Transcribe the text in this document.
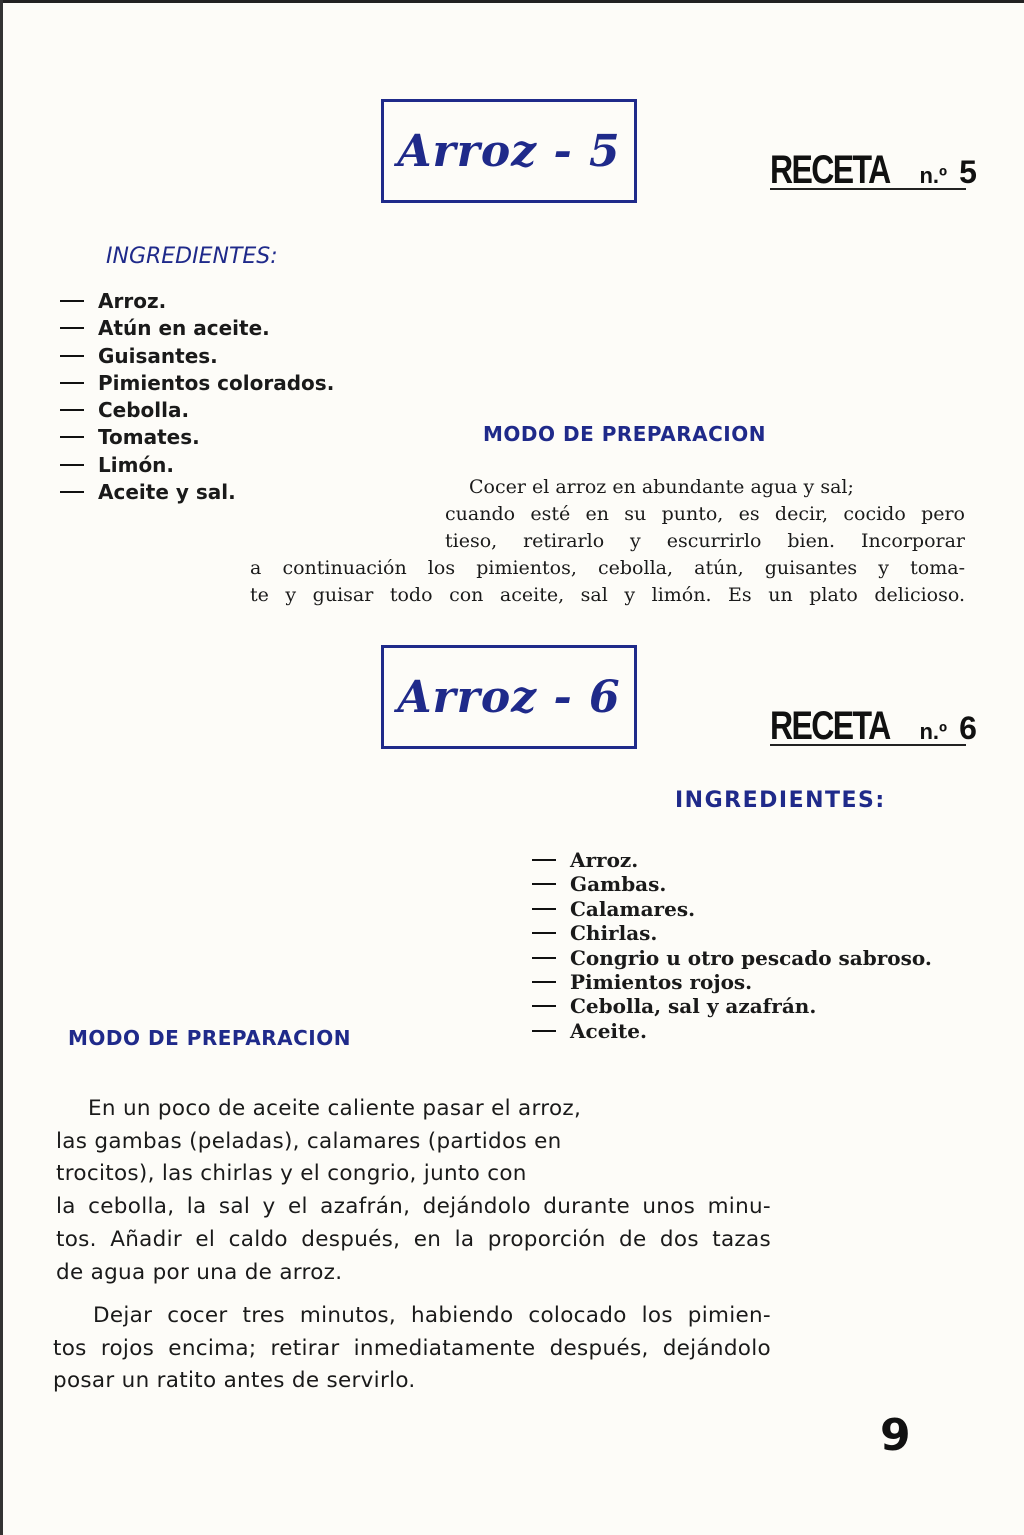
Arroz - 5	RECETA n.º 5
INGREDIENTES:
Arroz.
Atún en aceite.
Guisantes.
Pimientos colorados.
Cebolla.
Tomates.
Limón.
Aceite y sal.
MODO DE PREPARACION
Cocer el arroz en abundante agua y sal;
cuando esté en su punto, es decir, cocido pero
tieso, retirarlo y escurrirlo bien. Incorporar
a continuación los pimientos, cebolla, atún, guisantes y toma-
te y guisar todo con aceite, sal y limón. Es un plato delicioso.
Arroz - 6
RECETA n.º 6
INGREDIENTES:
Arroz.
Gambas.
Calamares.
Chirlas.
Congrio u otro pescado sabroso.
Pimientos rojos.
Cebolla, sal y azafrán.
Aceite.
MODO DE PREPARACION
En un poco de aceite caliente pasar el arroz,
las gambas (peladas), calamares (partidos en
trocitos), las chirlas y el congrio, junto con
la cebolla, la sal y el azafrán, dejándolo durante unos minu-
tos. Añadir el caldo después, en la proporción de dos tazas
de agua por una de arroz.
Dejar cocer tres minutos, habiendo colocado los pimien-
tos rojos encima; retirar inmediatamente después, dejándolo
posar un ratito antes de servirlo.
9
